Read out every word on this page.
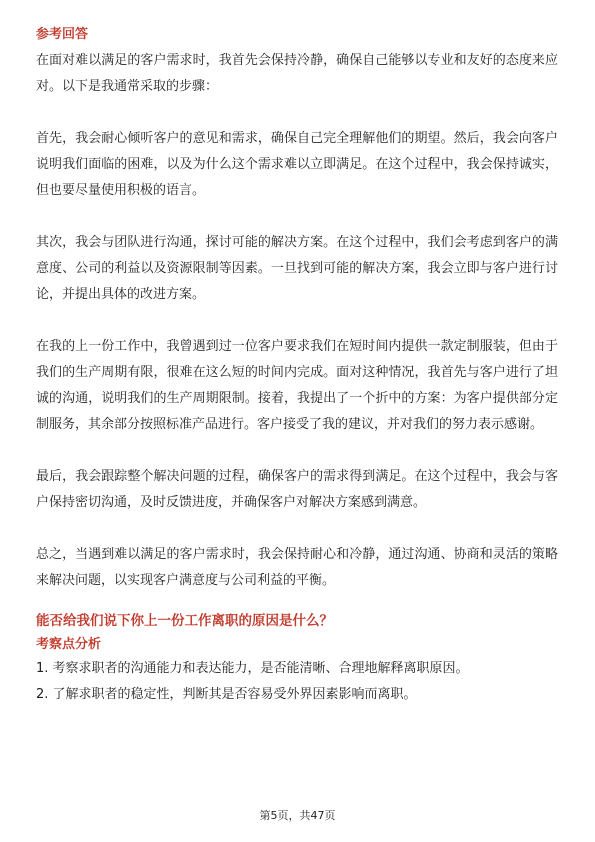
参考回答

在面对难以满足的客户需求时，我首先会保持冷静，确保自己能够以专业和友好的态度来应对。以下是我通常采取的步骤：

首先，我会耐心倾听客户的意见和需求，确保自己完全理解他们的期望。然后，我会向客户说明我们面临的困难，以及为什么这个需求难以立即满足。在这个过程中，我会保持诚实，但也要尽量使用积极的语言。

其次，我会与团队进行沟通，探讨可能的解决方案。在这个过程中，我们会考虑到客户的满意度、公司的利益以及资源限制等因素。一旦找到可能的解决方案，我会立即与客户进行讨论，并提出具体的改进方案。

在我的上一份工作中，我曾遇到过一位客户要求我们在短时间内提供一款定制服装，但由于我们的生产周期有限，很难在这么短的时间内完成。面对这种情况，我首先与客户进行了坦诚的沟通，说明我们的生产周期限制。接着，我提出了一个折中的方案：为客户提供部分定制服务，其余部分按照标准产品进行。客户接受了我的建议，并对我们的努力表示感谢。

最后，我会跟踪整个解决问题的过程，确保客户的需求得到满足。在这个过程中，我会与客户保持密切沟通，及时反馈进度，并确保客户对解决方案感到满意。

总之，当遇到难以满足的客户需求时，我会保持耐心和冷静，通过沟通、协商和灵活的策略来解决问题，以实现客户满意度与公司利益的平衡。

能否给我们说下你上一份工作离职的原因是什么？

考察点分析

1. 考察求职者的沟通能力和表达能力，是否能清晰、合理地解释离职原因。

2. 了解求职者的稳定性，判断其是否容易受外界因素影响而离职。

第5页，共47页
